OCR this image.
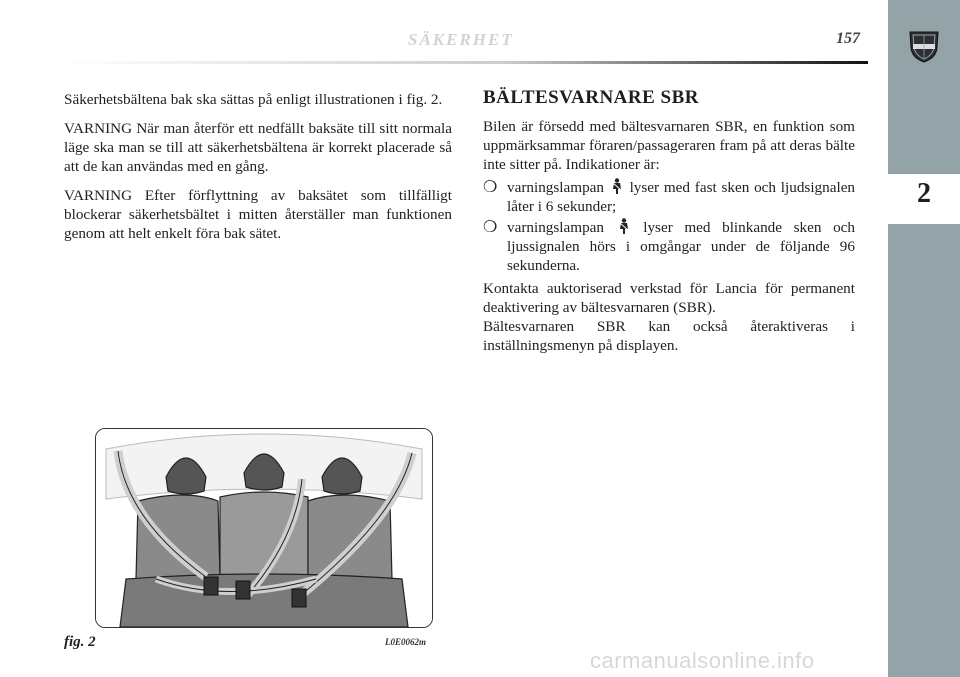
2
SÄKERHET	157

Säkerhetsbältena bak ska sättas på enligt illustrationen i fig. 2.

VARNING När man återför ett nedfällt baksäte till sitt normala läge ska man se till att säkerhetsbältena är korrekt placerade så att de kan användas med en gång.

VARNING Efter förflyttning av baksätet som tillfälligt blockerar säkerhetsbältet i mitten återställer man funktionen genom att helt enkelt föra bak sätet.

BÄLTESVARNARE SBR

Bilen är försedd med bältesvarnaren SBR, en funktion som uppmärksammar föraren/passageraren fram på att deras bälte inte sitter på. Indikationer är:

❍ varningslampan lyser med fast sken och ljudsignalen låter i 6 sekunder;
❍ varningslampan	lyser med blinkande sken och ljussignalen hörs i omgångar under de följande 96 sekunderna.

Kontakta auktoriserad verkstad för Lancia för permanent deaktivering av bältesvarnaren (SBR).

Bältesvarnaren SBR kan också återaktiveras i inställningsmenyn på displayen.

fig. 2	L0E0062m
carmanualsonline.info
